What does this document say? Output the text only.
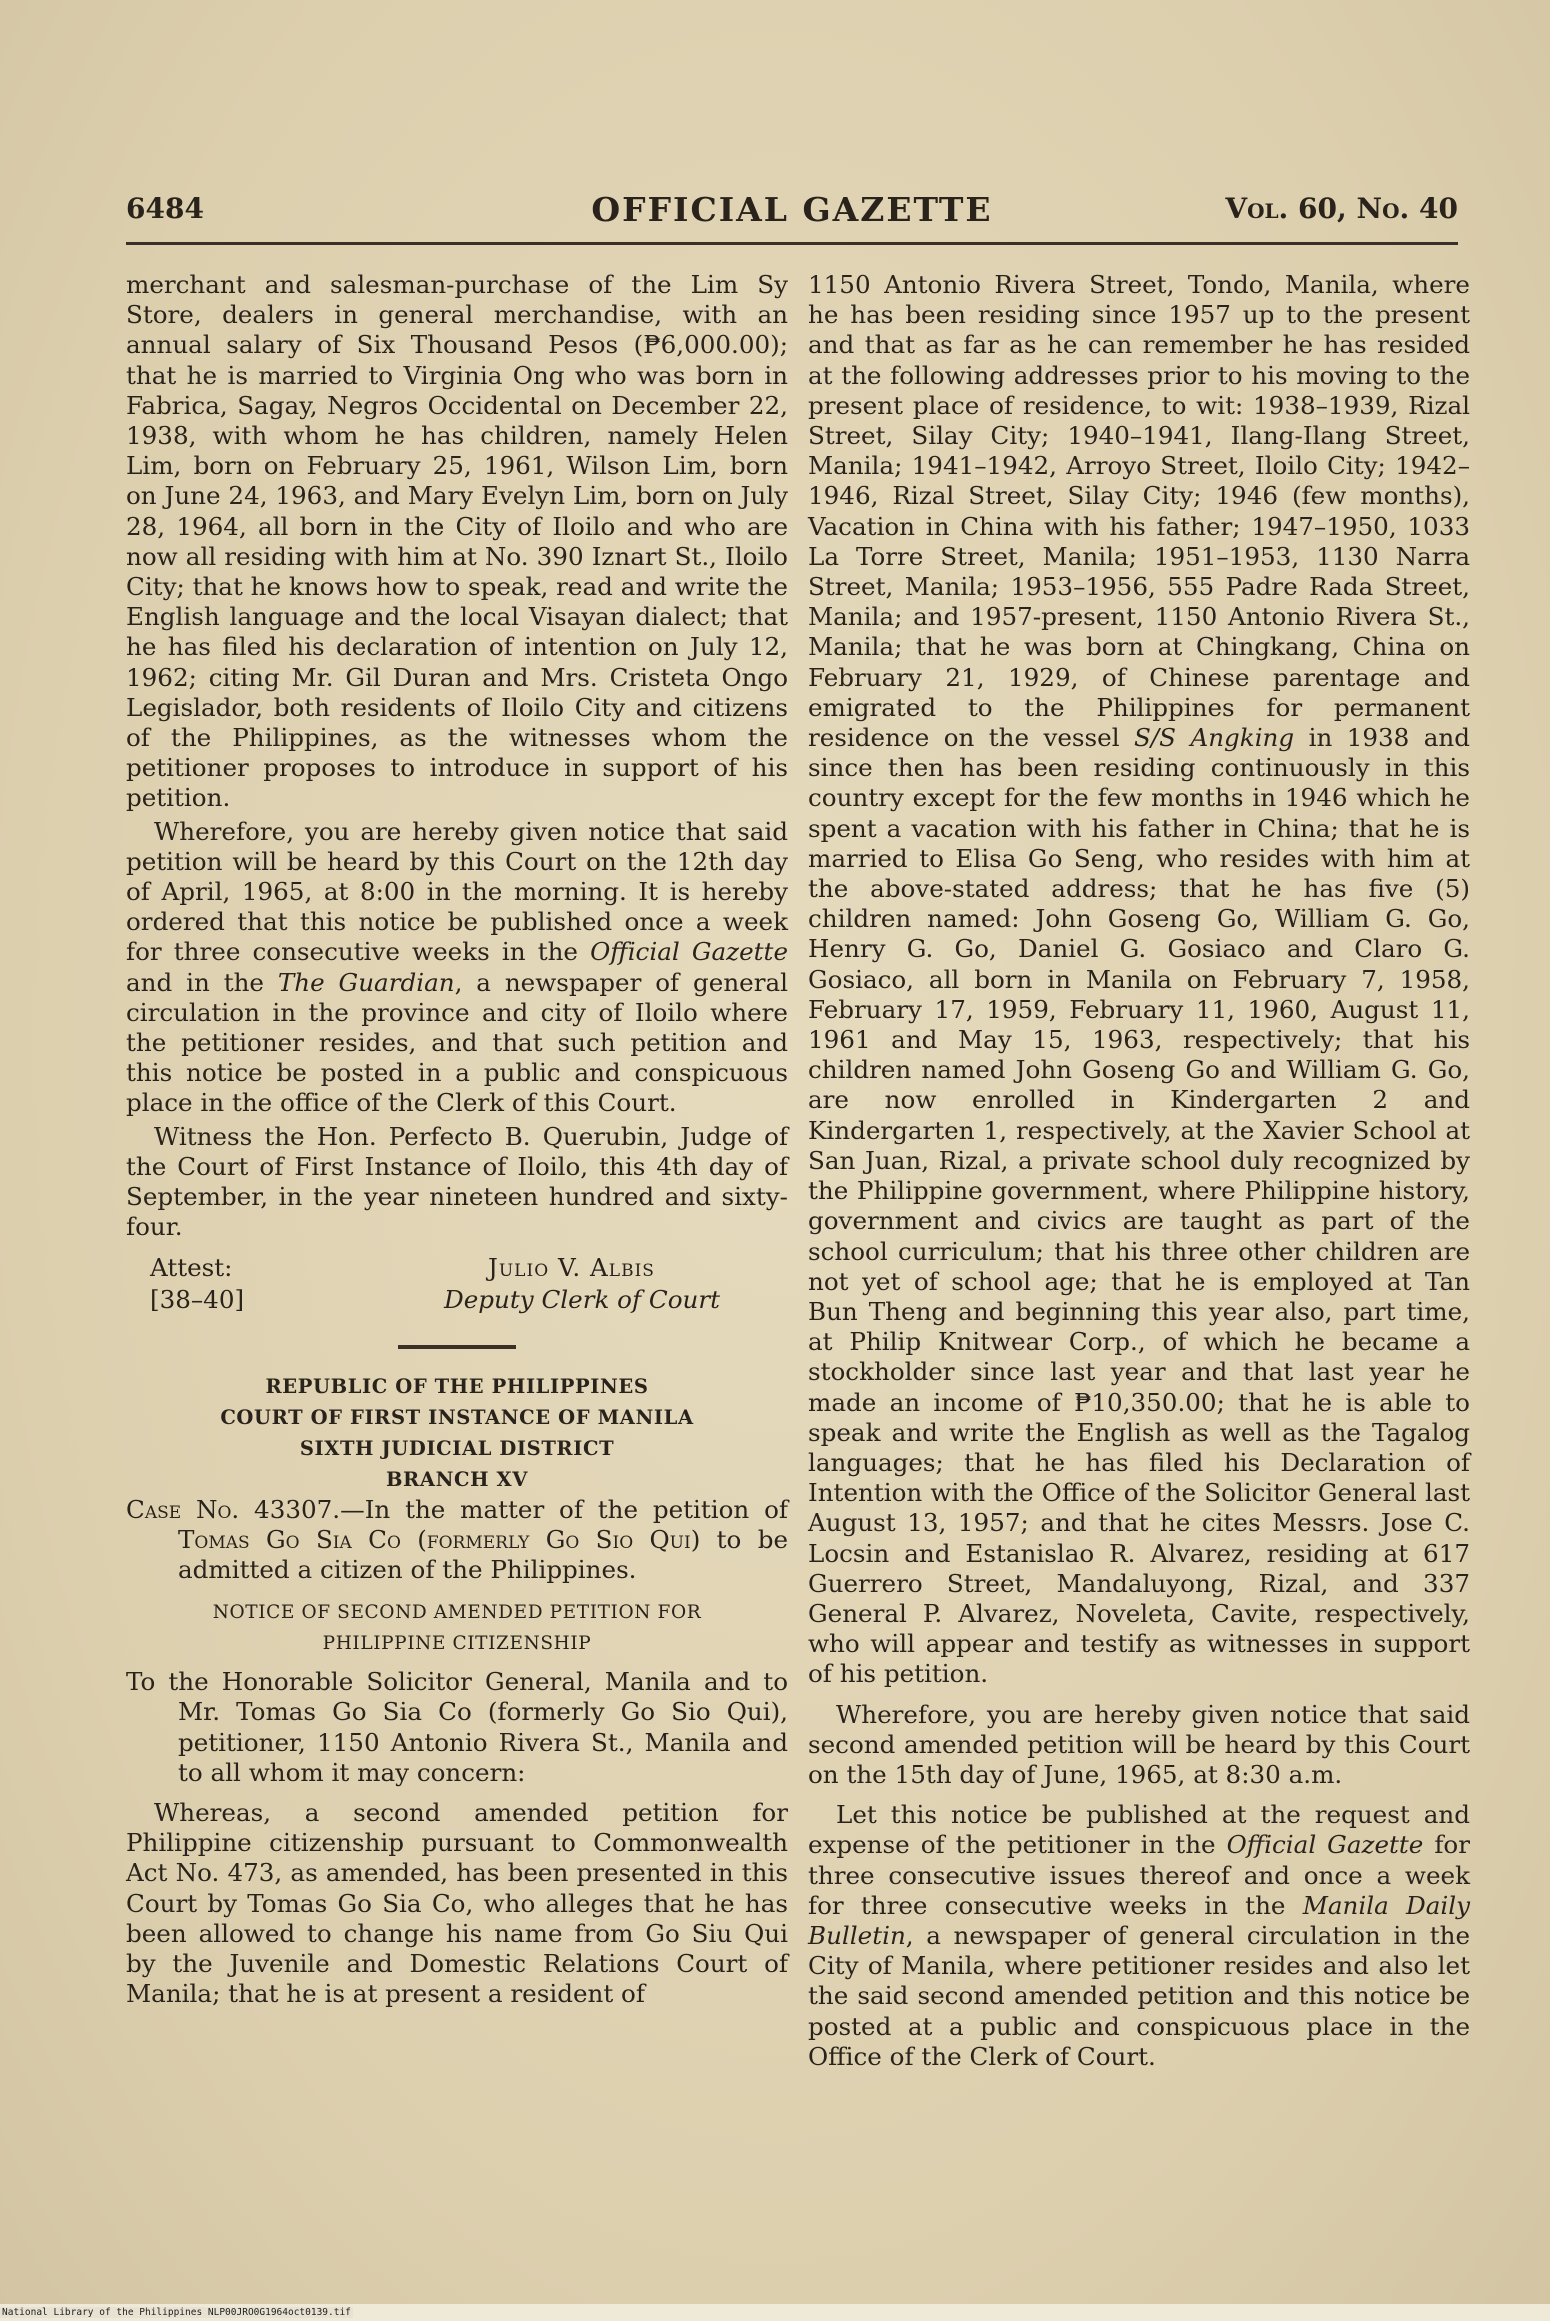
6484	OFFICIAL GAZETTE	Vol. 60, No. 40

merchant and salesman-purchase of the Lim Sy Store, dealers in general merchandise, with an annual salary of Six Thousand Pesos (₱6,000.00); that he is married to Virginia Ong who was born in Fabrica, Sagay, Negros Occidental on December 22, 1938, with whom he has children, namely Helen Lim, born on February 25, 1961, Wilson Lim, born on June 24, 1963, and Mary Evelyn Lim, born on July 28, 1964, all born in the City of Iloilo and who are now all residing with him at No. 390 Iznart St., Iloilo City; that he knows how to speak, read and write the English language and the local Visayan dialect; that he has filed his declaration of intention on July 12, 1962; citing Mr. Gil Duran and Mrs. Cristeta Ongo Legislador, both residents of Iloilo City and citizens of the Philippines, as the witnesses whom the petitioner proposes to introduce in support of his petition.

Wherefore, you are hereby given notice that said petition will be heard by this Court on the 12th day of April, 1965, at 8:00 in the morning. It is hereby ordered that this notice be published once a week for three consecutive weeks in the Official Gazette and in the The Guardian, a newspaper of general circulation in the province and city of Iloilo where the petitioner resides, and that such petition and this notice be posted in a public and conspicuous place in the office of the Clerk of this Court.

Witness the Hon. Perfecto B. Querubin, Judge of the Court of First Instance of Iloilo, this 4th day of September, in the year nineteen hundred and sixty-four.

Attest:
[38–40]
Julio V. Albis
Deputy Clerk of Court
REPUBLIC OF THE PHILIPPINES
COURT OF FIRST INSTANCE OF MANILA
SIXTH JUDICIAL DISTRICT
BRANCH XV

Case No. 43307.—In the matter of the petition of Tomas Go Sia Co (formerly Go Sio Qui) to be admitted a citizen of the Philippines.

NOTICE OF SECOND AMENDED PETITION FOR
PHILIPPINE CITIZENSHIP

To the Honorable Solicitor General, Manila and to Mr. Tomas Go Sia Co (formerly Go Sio Qui), petitioner, 1150 Antonio Rivera St., Manila and to all whom it may concern:

Whereas, a second amended petition for Philippine citizenship pursuant to Commonwealth Act No. 473, as amended, has been presented in this Court by Tomas Go Sia Co, who alleges that he has been allowed to change his name from Go Siu Qui by the Juvenile and Domestic Relations Court of Manila; that he is at present a resident of

1150 Antonio Rivera Street, Tondo, Manila, where he has been residing since 1957 up to the present and that as far as he can remember he has resided at the following addresses prior to his moving to the present place of residence, to wit: 1938–1939, Rizal Street, Silay City; 1940–1941, Ilang-Ilang Street, Manila; 1941–1942, Arroyo Street, Iloilo City; 1942–1946, Rizal Street, Silay City; 1946 (few months), Vacation in China with his father; 1947–1950, 1033 La Torre Street, Manila; 1951–1953, 1130 Narra Street, Manila; 1953–1956, 555 Padre Rada Street, Manila; and 1957-present, 1150 Antonio Rivera St., Manila; that he was born at Chingkang, China on February 21, 1929, of Chinese parentage and emigrated to the Philippines for permanent residence on the vessel S/S Angking in 1938 and since then has been residing continuously in this country except for the few months in 1946 which he spent a vacation with his father in China; that he is married to Elisa Go Seng, who resides with him at the above-stated address; that he has five (5) children named: John Goseng Go, William G. Go, Henry G. Go, Daniel G. Gosiaco and Claro G. Gosiaco, all born in Manila on February 7, 1958, February 17, 1959, February 11, 1960, August 11, 1961 and May 15, 1963, respectively; that his children named John Goseng Go and William G. Go, are now enrolled in Kindergarten 2 and Kindergarten 1, respectively, at the Xavier School at San Juan, Rizal, a private school duly recognized by the Philippine government, where Philippine history, government and civics are taught as part of the school curriculum; that his three other children are not yet of school age; that he is employed at Tan Bun Theng and beginning this year also, part time, at Philip Knitwear Corp., of which he became a stockholder since last year and that last year he made an income of ₱10,350.00; that he is able to speak and write the English as well as the Tagalog languages; that he has filed his Declaration of Intention with the Office of the Solicitor General last August 13, 1957; and that he cites Messrs. Jose C. Locsin and Estanislao R. Alvarez, residing at 617 Guerrero Street, Mandaluyong, Rizal, and 337 General P. Alvarez, Noveleta, Cavite, respectively, who will appear and testify as witnesses in support of his petition.

Wherefore, you are hereby given notice that said second amended petition will be heard by this Court on the 15th day of June, 1965, at 8:30 a.m.

Let this notice be published at the request and expense of the petitioner in the Official Gazette for three consecutive issues thereof and once a week for three consecutive weeks in the Manila Daily Bulletin, a newspaper of general circulation in the City of Manila, where petitioner resides and also let the said second amended petition and this notice be posted at a public and conspicuous place in the Office of the Clerk of Court.

National Library of the Philippines NLP00JRO0G1964oct0139.tif
